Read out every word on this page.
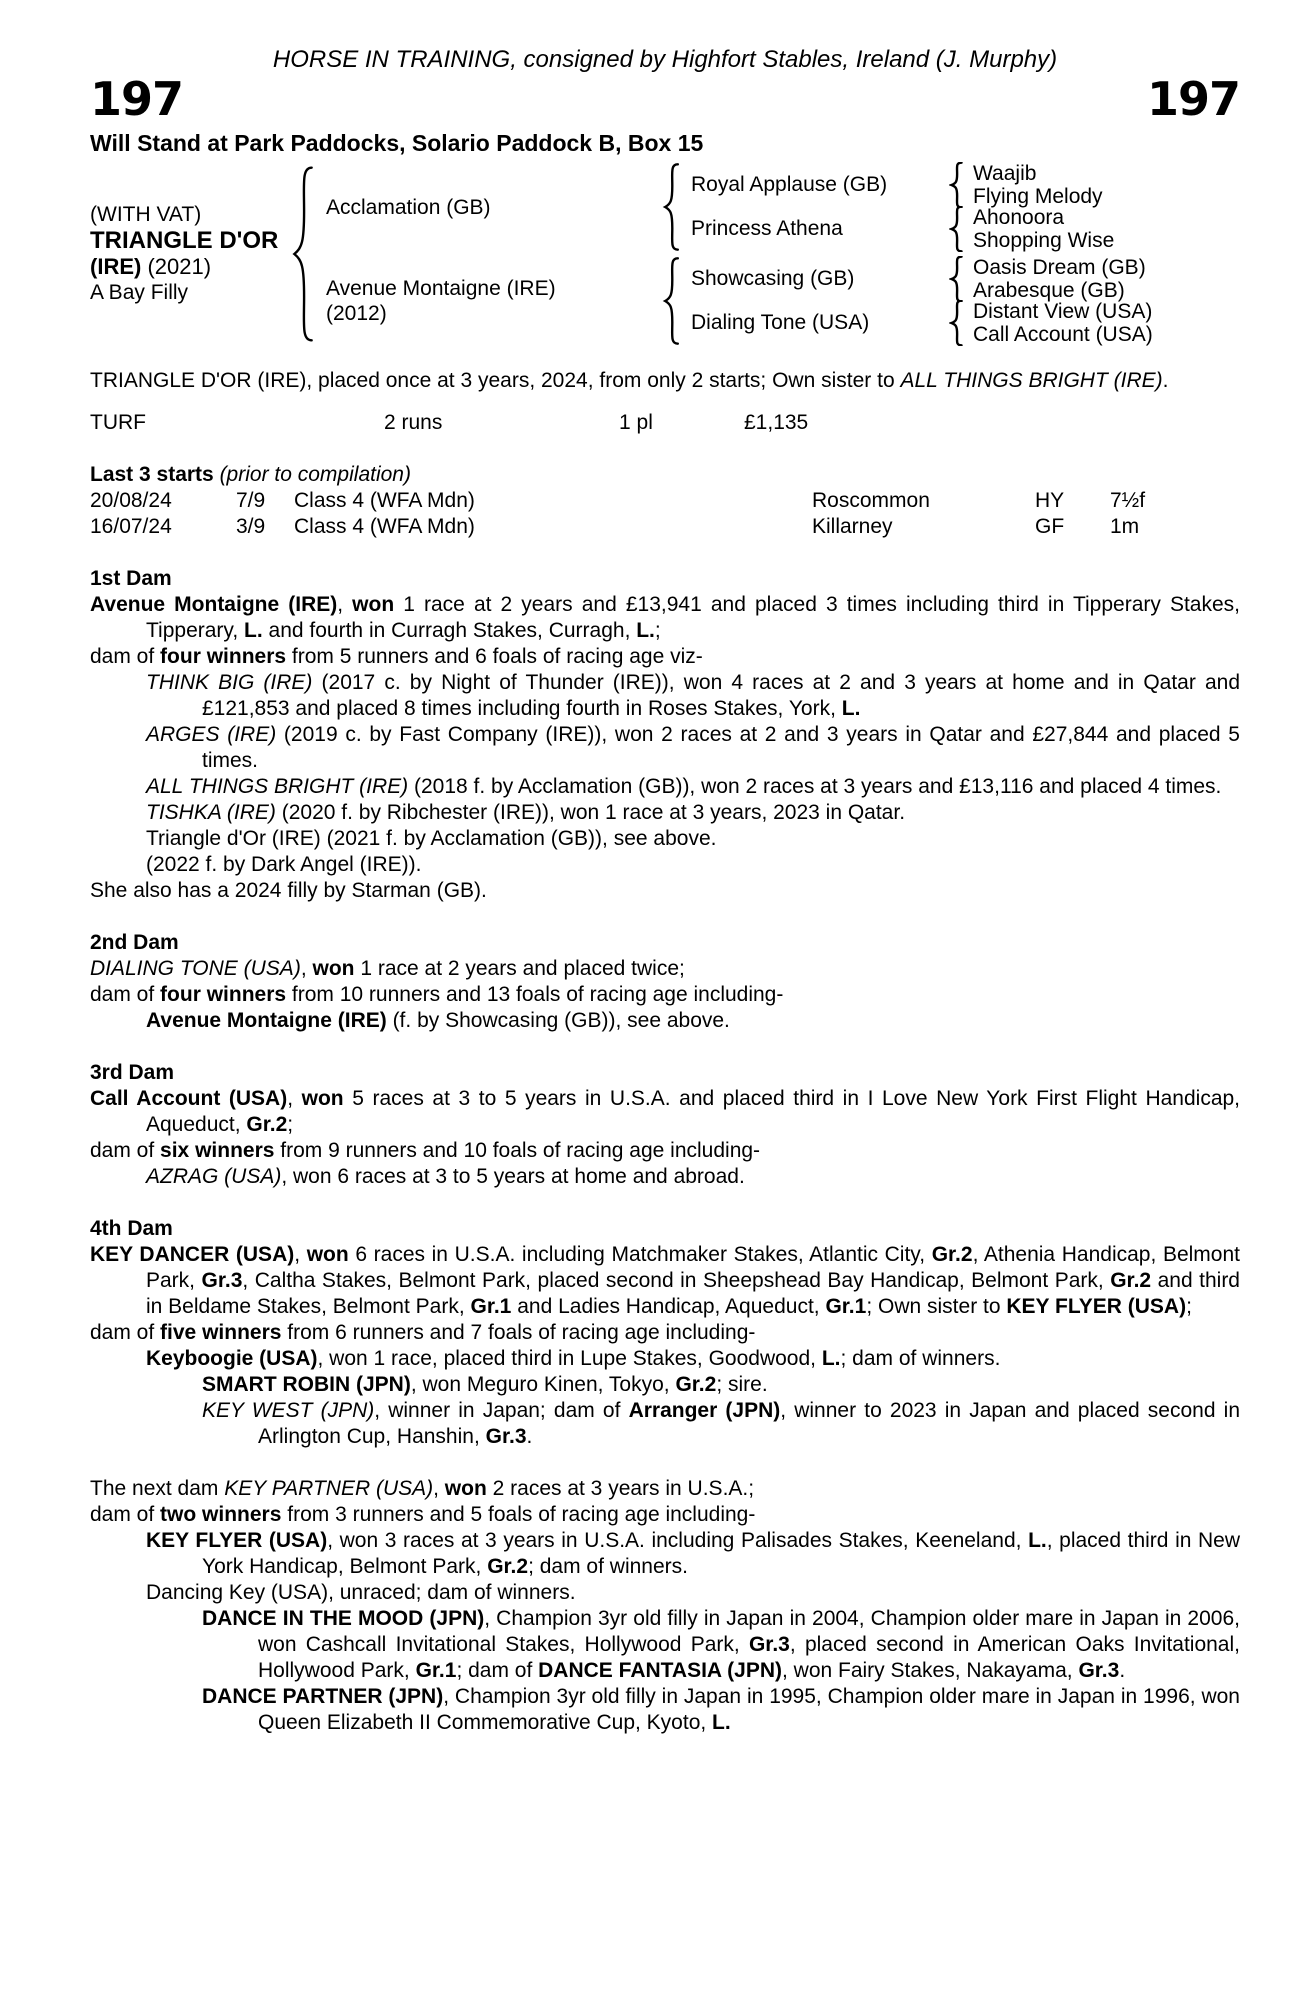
HORSE IN TRAINING, consigned by Highfort Stables, Ireland (J. Murphy)
197	197
Will Stand at Park Paddocks, Solario Paddock B, Box 15
(WITH VAT)
TRIANGLE D'OR
(IRE) (2021)
A Bay Filly
Acclamation (GB)
Royal Applause (GB)	Waajib
Flying Melody
Princess Athena	Ahonoora
Shopping Wise
Avenue Montaigne (IRE)
(2012)
Showcasing (GB)	Oasis Dream (GB)
Arabesque (GB)
Dialing Tone (USA)	Distant View (USA)
Call Account (USA)

TRIANGLE D'OR (IRE), placed once at 3 years, 2024, from only 2 starts; Own sister to ALL THINGS BRIGHT (IRE).

TURF	2 runs	1 pl	£1,135
Last 3 starts (prior to compilation)
20/08/24	7/9	Class 4 (WFA Mdn)	Roscommon	HY	7½f
16/07/24	3/9	Class 4 (WFA Mdn)	Killarney	GF	1m
1st Dam

Avenue Montaigne (IRE), won 1 race at 2 years and £13,941 and placed 3 times including third in Tipperary Stakes, Tipperary, L. and fourth in Curragh Stakes, Curragh, L.;

dam of four winners from 5 runners and 6 foals of racing age viz-

THINK BIG (IRE) (2017 c. by Night of Thunder (IRE)), won 4 races at 2 and 3 years at home and in Qatar and £121,853 and placed 8 times including fourth in Roses Stakes, York, L.

ARGES (IRE) (2019 c. by Fast Company (IRE)), won 2 races at 2 and 3 years in Qatar and £27,844 and placed 5 times.

ALL THINGS BRIGHT (IRE) (2018 f. by Acclamation (GB)), won 2 races at 3 years and £13,116 and placed 4 times.

TISHKA (IRE) (2020 f. by Ribchester (IRE)), won 1 race at 3 years, 2023 in Qatar.

Triangle d'Or (IRE) (2021 f. by Acclamation (GB)), see above.

(2022 f. by Dark Angel (IRE)).

She also has a 2024 filly by Starman (GB).

2nd Dam

DIALING TONE (USA), won 1 race at 2 years and placed twice;

dam of four winners from 10 runners and 13 foals of racing age including-

Avenue Montaigne (IRE) (f. by Showcasing (GB)), see above.

3rd Dam

Call Account (USA), won 5 races at 3 to 5 years in U.S.A. and placed third in I Love New York First Flight Handicap, Aqueduct, Gr.2;

dam of six winners from 9 runners and 10 foals of racing age including-

AZRAG (USA), won 6 races at 3 to 5 years at home and abroad.

4th Dam

KEY DANCER (USA), won 6 races in U.S.A. including Matchmaker Stakes, Atlantic City, Gr.2, Athenia Handicap, Belmont Park, Gr.3, Caltha Stakes, Belmont Park, placed second in Sheepshead Bay Handicap, Belmont Park, Gr.2 and third in Beldame Stakes, Belmont Park, Gr.1 and Ladies Handicap, Aqueduct, Gr.1; Own sister to KEY FLYER (USA);

dam of five winners from 6 runners and 7 foals of racing age including-

Keyboogie (USA), won 1 race, placed third in Lupe Stakes, Goodwood, L.; dam of winners.

SMART ROBIN (JPN), won Meguro Kinen, Tokyo, Gr.2; sire.

KEY WEST (JPN), winner in Japan; dam of Arranger (JPN), winner to 2023 in Japan and placed second in Arlington Cup, Hanshin, Gr.3.

The next dam KEY PARTNER (USA), won 2 races at 3 years in U.S.A.;

dam of two winners from 3 runners and 5 foals of racing age including-

KEY FLYER (USA), won 3 races at 3 years in U.S.A. including Palisades Stakes, Keeneland, L., placed third in New York Handicap, Belmont Park, Gr.2; dam of winners.

Dancing Key (USA), unraced; dam of winners.

DANCE IN THE MOOD (JPN), Champion 3yr old filly in Japan in 2004, Champion older mare in Japan in 2006, won Cashcall Invitational Stakes, Hollywood Park, Gr.3, placed second in American Oaks Invitational, Hollywood Park, Gr.1; dam of DANCE FANTASIA (JPN), won Fairy Stakes, Nakayama, Gr.3.

DANCE PARTNER (JPN), Champion 3yr old filly in Japan in 1995, Champion older mare in Japan in 1996, won Queen Elizabeth II Commemorative Cup, Kyoto, L.
